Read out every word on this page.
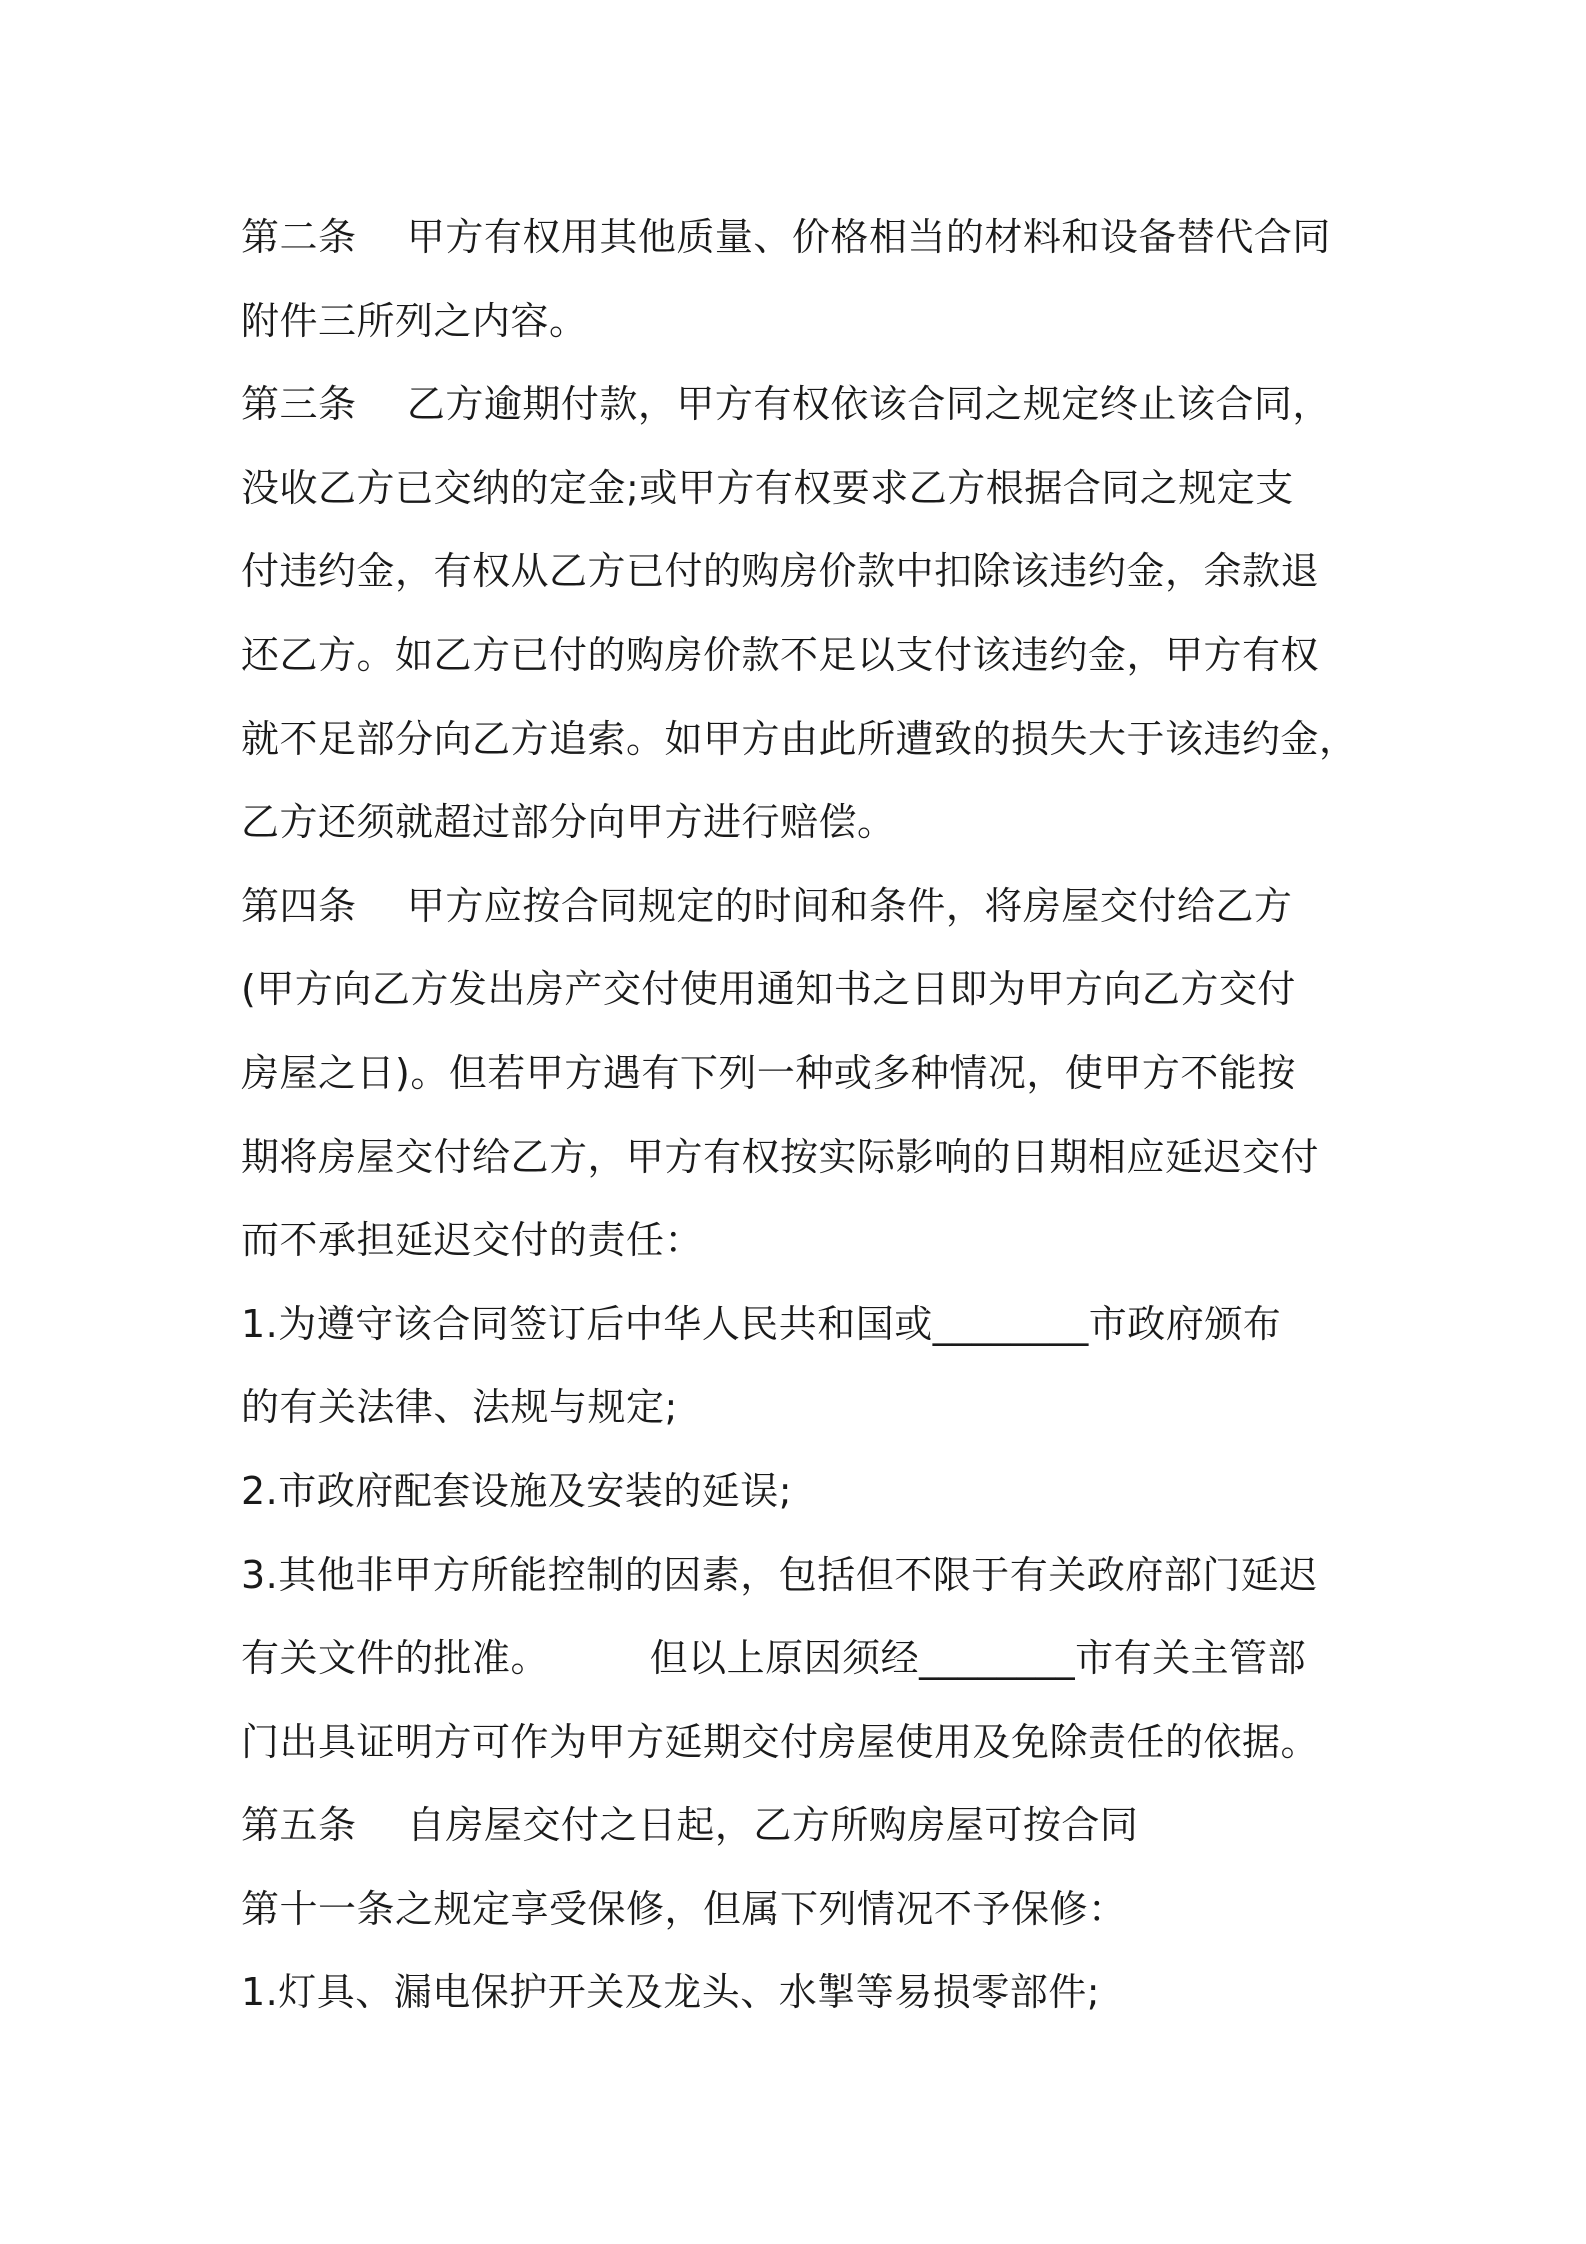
第二条    甲方有权用其他质量、价格相当的材料和设备替代合同
附件三所列之内容。
第三条    乙方逾期付款，甲方有权依该合同之规定终止该合同，
没收乙方已交纳的定金;或甲方有权要求乙方根据合同之规定支
付违约金，有权从乙方已付的购房价款中扣除该违约金，余款退
还乙方。如乙方已付的购房价款不足以支付该违约金，甲方有权
就不足部分向乙方追索。如甲方由此所遭致的损失大于该违约金，
乙方还须就超过部分向甲方进行赔偿。
第四条    甲方应按合同规定的时间和条件，将房屋交付给乙方
(甲方向乙方发出房产交付使用通知书之日即为甲方向乙方交付
房屋之日)。但若甲方遇有下列一种或多种情况，使甲方不能按
期将房屋交付给乙方，甲方有权按实际影响的日期相应延迟交付
而不承担延迟交付的责任：
1.为遵守该合同签订后中华人民共和国或________市政府颁布
的有关法律、法规与规定;
2.市政府配套设施及安装的延误;
3.其他非甲方所能控制的因素，包括但不限于有关政府部门延迟
有关文件的批准。        但以上原因须经________市有关主管部
门出具证明方可作为甲方延期交付房屋使用及免除责任的依据。
第五条    自房屋交付之日起，乙方所购房屋可按合同
第十一条之规定享受保修，但属下列情况不予保修：
1.灯具、漏电保护开关及龙头、水掣等易损零部件;
